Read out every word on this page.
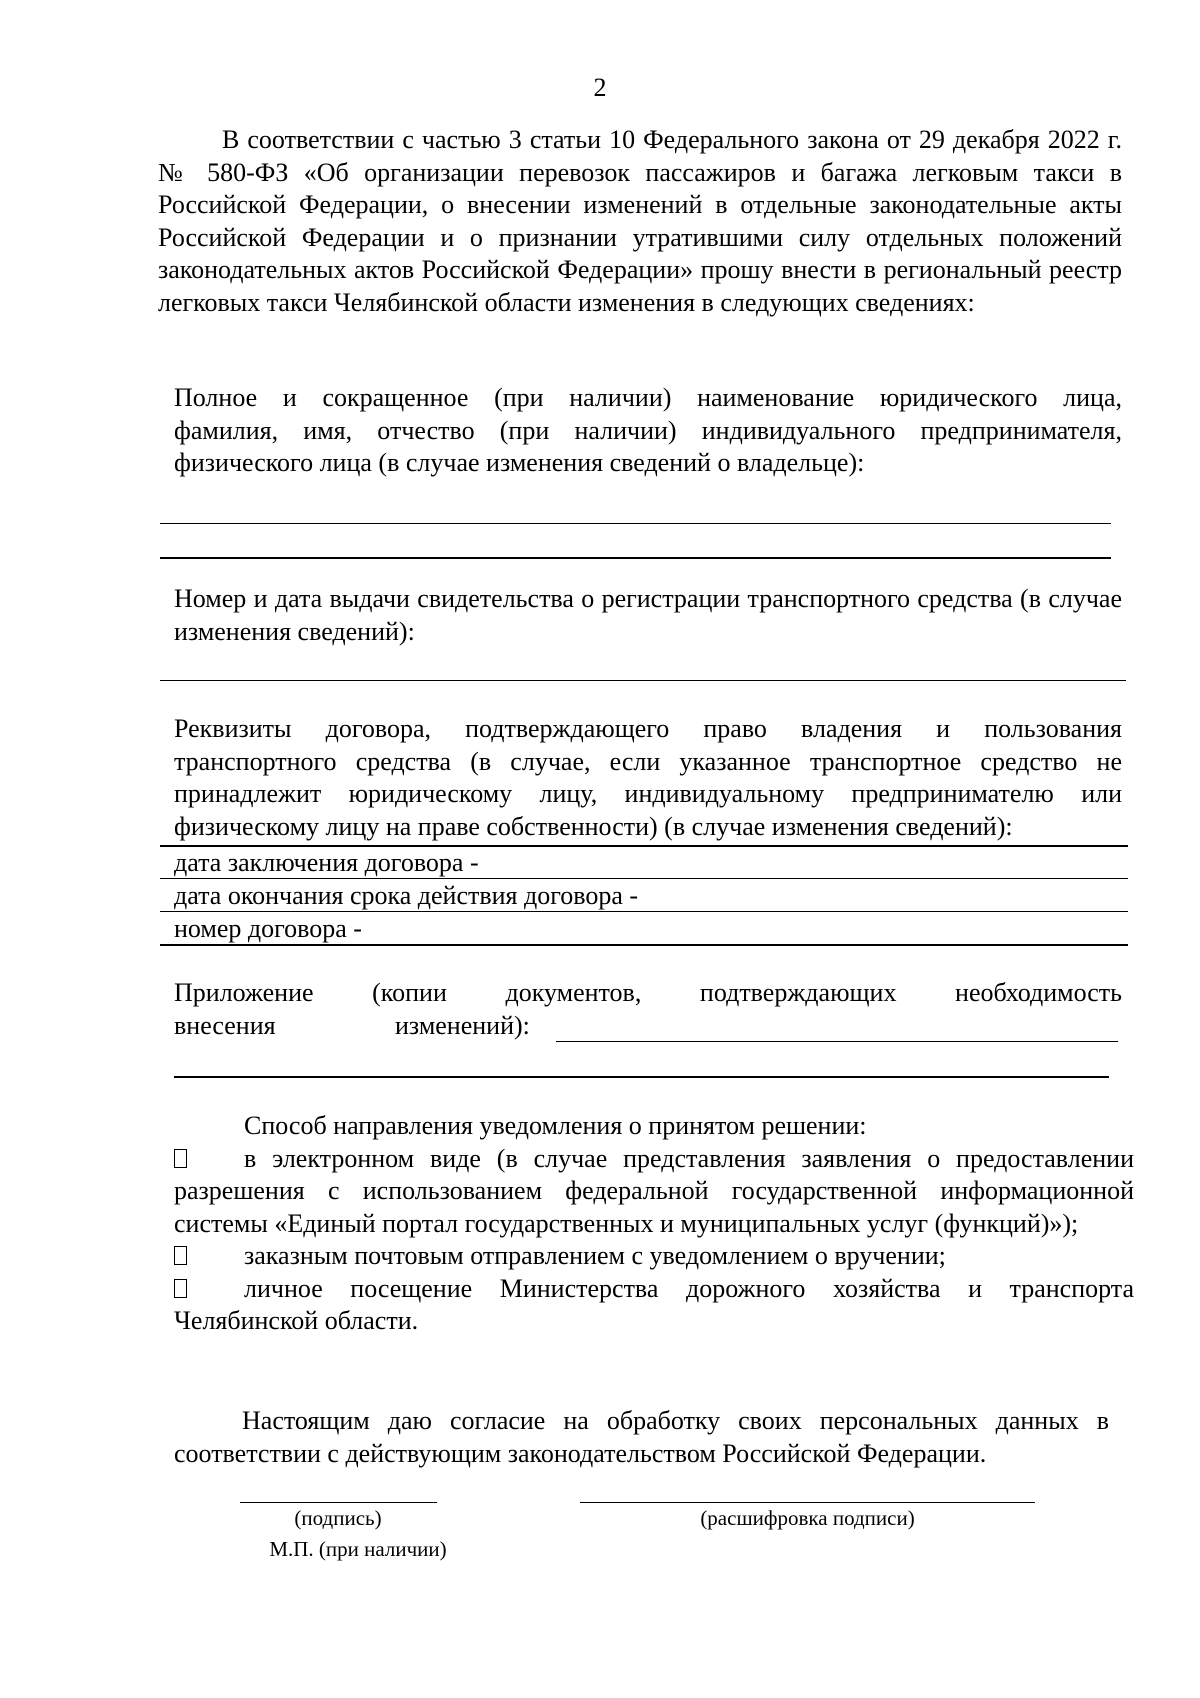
2

В соответствии с частью 3 статьи 10 Федерального закона от 29 декабря 2022 г. № 580-ФЗ «Об организации перевозок пассажиров и багажа легковым такси в Российской Федерации, о внесении изменений в отдельные законодательные акты Российской Федерации и о признании утратившими силу отдельных положений законодательных актов Российской Федерации» прошу внести в региональный реестр легковых такси Челябинской области изменения в следующих сведениях:

Полное и сокращенное (при наличии) наименование юридического лица,
фамилия, имя, отчество (при наличии) индивидуального предпринимателя,
физического лица (в случае изменения сведений о владельце):

Номер и дата выдачи свидетельства о регистрации транспортного средства (в случае изменения сведений):

Реквизиты договора, подтверждающего право владения и пользования транспортного средства (в случае, если указанное транспортное средство не принадлежит юридическому лицу, индивидуальному предпринимателю или физическому лицу на праве собственности) (в случае изменения сведений):

дата заключения договора -
дата окончания срока действия договора -
номер договора -
Приложение (копии документов, подтверждающих необходимость
внесения	изменений):
Способ направления уведомления о принятом решении:
в электронном виде (в случае представления заявления о предоставлении разрешения с использованием федеральной государственной информационной системы «Единый портал государственных и муниципальных услуг (функций)»);
заказным почтовым отправлением с уведомлением о вручении;
личное посещение Министерства дорожного хозяйства и транспорта Челябинской области.

Настоящим даю согласие на обработку своих персональных данных в соответствии с действующим законодательством Российской Федерации.

(подпись)	(расшифровка подписи)
М.П. (при наличии)
